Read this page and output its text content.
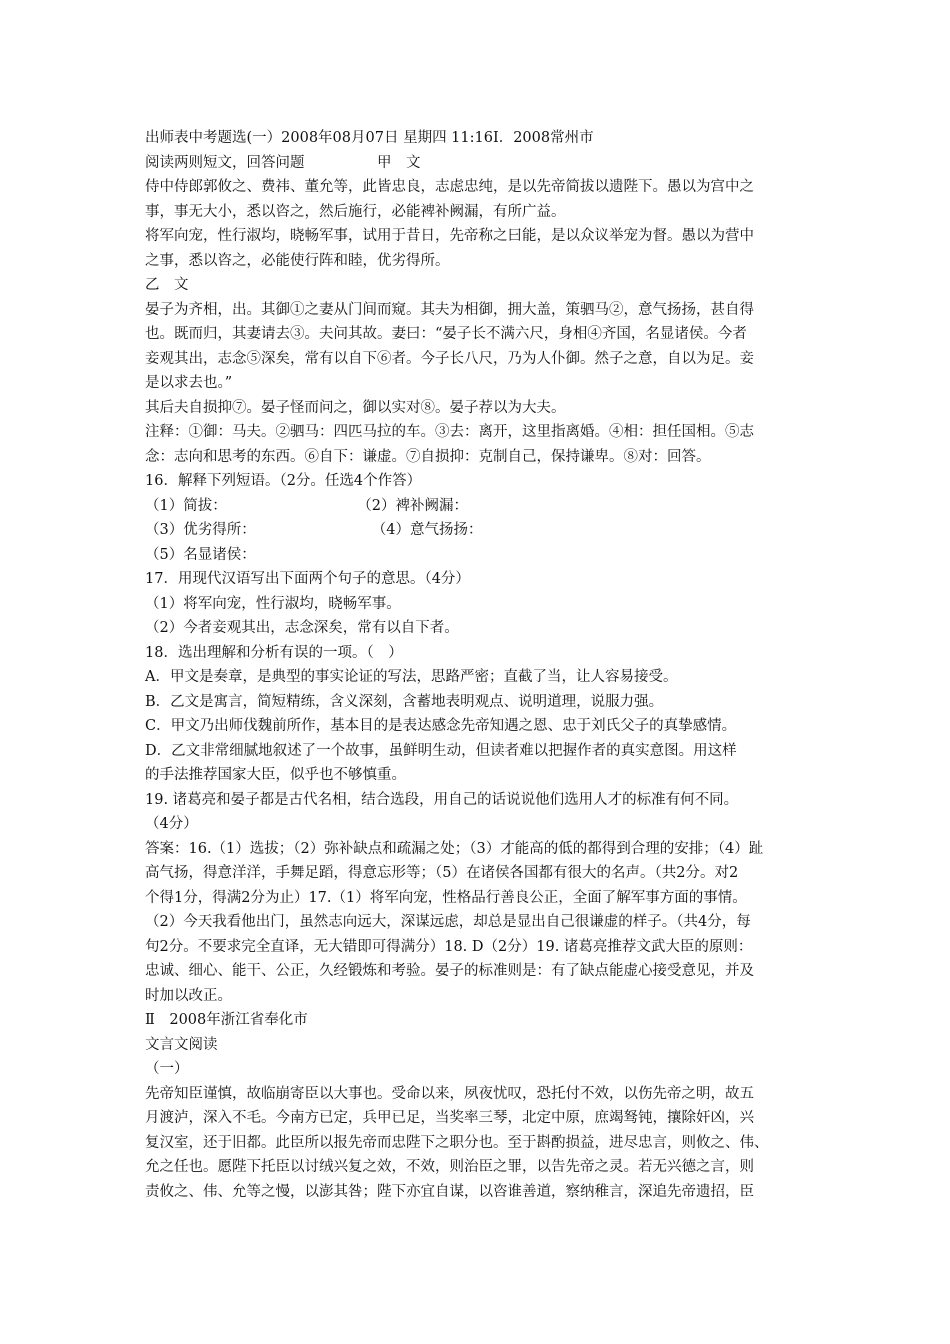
出师表中考题选(一）2008年08月07日 星期四 11:16Ⅰ．2008常州市
阅读两则短文，回答问题　　　　　甲　文
侍中侍郎郭攸之、费祎、董允等，此皆忠良，志虑忠纯，是以先帝简拔以遗陛下。愚以为宫中之
事，事无大小，悉以咨之，然后施行，必能裨补阙漏，有所广益。
将军向宠，性行淑均，晓畅军事，试用于昔日，先帝称之曰能，是以众议举宠为督。愚以为营中
之事，悉以咨之，必能使行阵和睦，优劣得所。
乙　文
晏子为齐相，出。其御①之妻从门间而窥。其夫为相御，拥大盖，策驷马②，意气扬扬，甚自得
也。既而归，其妻请去③。夫问其故。妻曰：“晏子长不满六尺，身相④齐国，名显诸侯。今者
妾观其出，志念⑤深矣，常有以自下⑥者。今子长八尺，乃为人仆御。然子之意，自以为足。妾
是以求去也。”
其后夫自损抑⑦。晏子怪而问之，御以实对⑧。晏子荐以为大夫。
注释：①御：马夫。②驷马：四匹马拉的车。③去：离开，这里指离婚。④相：担任国相。⑤志
念：志向和思考的东西。⑥自下：谦虚。⑦自损抑：克制自己，保持谦卑。⑧对：回答。
16．解释下列短语。（2分。任选4个作答）
（1）简拔：　　　　　　　　　　（2）裨补阙漏：
（3）优劣得所：　　　　　　　　　（4）意气扬扬：
（5）名显诸侯：
17．用现代汉语写出下面两个句子的意思。（4分）
（1）将军向宠，性行淑均，晓畅军事。
（2）今者妾观其出，志念深矣，常有以自下者。
18．选出理解和分析有误的一项。（　）
A．甲文是奏章，是典型的事实论证的写法，思路严密；直截了当，让人容易接受。
B．乙文是寓言，简短精练，含义深刻，含蓄地表明观点、说明道理，说服力强。
C．甲文乃出师伐魏前所作，基本目的是表达感念先帝知遇之恩、忠于刘氏父子的真挚感情。
D．乙文非常细腻地叙述了一个故事，虽鲜明生动，但读者难以把握作者的真实意图。用这样
的手法推荐国家大臣，似乎也不够慎重。
19. 诸葛亮和晏子都是古代名相，结合选段，用自己的话说说他们选用人才的标准有何不同。
（4分）
答案：16.（1）选拔；（2）弥补缺点和疏漏之处；（3）才能高的低的都得到合理的安排；（4）趾
高气扬，得意洋洋，手舞足蹈，得意忘形等；（5）在诸侯各国都有很大的名声。（共2分。对2
个得1分，得满2分为止）17.（1）将军向宠，性格品行善良公正，全面了解军事方面的事情。
（2）今天我看他出门，虽然志向远大，深谋远虑，却总是显出自己很谦虚的样子。（共4分，每
句2分。不要求完全直译，无大错即可得满分）18. D（2分）19. 诸葛亮推荐文武大臣的原则：
忠诚、细心、能干、公正，久经锻炼和考验。晏子的标准则是：有了缺点能虚心接受意见，并及
时加以改正。
Ⅱ　2008年浙江省奉化市
文言文阅读
（一）
先帝知臣谨慎，故临崩寄臣以大事也。受命以来，夙夜忧叹，恐托付不效，以伤先帝之明，故五
月渡泸，深入不毛。今南方已定，兵甲已足，当奖率三琴，北定中原，庶竭驽钝，攘除奸凶，兴
复汉室，还于旧都。此臣所以报先帝而忠陛下之职分也。至于斟酌损益，进尽忠言，则攸之、伟、
允之任也。愿陛下托臣以讨绒兴复之效，不效，则治臣之罪，以告先帝之灵。若无兴德之言，则
责攸之、伟、允等之慢，以澎其咎；陛下亦宜自谋，以咨谁善道，察纳稚言，深追先帝遗招，臣
